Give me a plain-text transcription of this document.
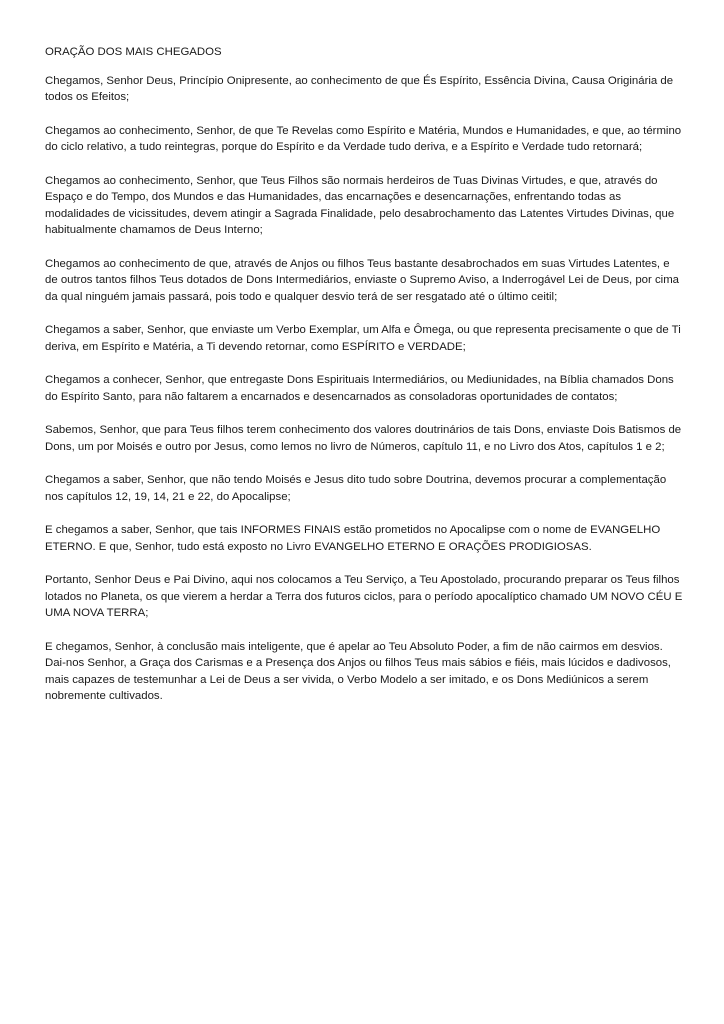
ORAÇÃO DOS MAIS CHEGADOS

Chegamos, Senhor Deus, Princípio Onipresente, ao conhecimento de que És Espírito, Essência Divina, Causa Originária de todos os Efeitos;

Chegamos ao conhecimento, Senhor, de que Te Revelas como Espírito e Matéria, Mundos e Humanidades, e que, ao término do ciclo relativo, a tudo reintegras, porque do Espírito e da Verdade tudo deriva, e a Espírito e Verdade tudo retornará;

Chegamos ao conhecimento, Senhor, que Teus Filhos são normais herdeiros de Tuas Divinas Virtudes, e que, através do Espaço e do Tempo, dos Mundos e das Humanidades, das encarnações e desencarnações, enfrentando todas as modalidades de vicissitudes, devem atingir a Sagrada Finalidade, pelo desabrochamento das Latentes Virtudes Divinas, que habitualmente chamamos de Deus Interno;

Chegamos ao conhecimento de que, através de Anjos ou filhos Teus bastante desabrochados em suas Virtudes Latentes, e de outros tantos filhos Teus dotados de Dons Intermediários, enviaste o Supremo Aviso, a Inderrogável Lei de Deus, por cima da qual ninguém jamais passará, pois todo e qualquer desvio terá de ser resgatado até o último ceitil;

Chegamos a saber, Senhor, que enviaste um Verbo Exemplar, um Alfa e Ômega, ou que representa precisamente o que de Ti deriva, em Espírito e Matéria, a Ti devendo retornar, como ESPÍRITO e VERDADE;

Chegamos a conhecer, Senhor, que entregaste Dons Espirituais Intermediários, ou Mediunidades, na Bíblia chamados Dons do Espírito Santo, para não faltarem a encarnados e desencarnados as consoladoras oportunidades de contatos;

Sabemos, Senhor, que para Teus filhos terem conhecimento dos valores doutrinários de tais Dons, enviaste Dois Batismos de Dons, um por Moisés e outro por Jesus, como lemos no livro de Números, capítulo 11, e no Livro dos Atos, capítulos 1 e 2;

Chegamos a saber, Senhor, que não tendo Moisés e Jesus dito tudo sobre Doutrina, devemos procurar a complementação nos capítulos 12, 19, 14, 21 e 22, do Apocalipse;

E chegamos a saber, Senhor, que tais INFORMES FINAIS estão prometidos no Apocalipse com o nome de EVANGELHO ETERNO. E que, Senhor, tudo está exposto no Livro EVANGELHO ETERNO E ORAÇÕES PRODIGIOSAS.

Portanto, Senhor Deus e Pai Divino, aqui nos colocamos a Teu Serviço, a Teu Apostolado, procurando preparar os Teus filhos lotados no Planeta, os que vierem a herdar a Terra dos futuros ciclos, para o período apocalíptico chamado UM NOVO CÉU E UMA NOVA TERRA;

E chegamos, Senhor, à conclusão mais inteligente, que é apelar ao Teu Absoluto Poder, a fim de não cairmos em desvios. Dai-nos Senhor, a Graça dos Carismas e a Presença dos Anjos ou filhos Teus mais sábios e fiéis, mais lúcidos e dadivosos, mais capazes de testemunhar a Lei de Deus a ser vivida, o Verbo Modelo a ser imitado, e os Dons Mediúnicos a serem nobremente cultivados.
